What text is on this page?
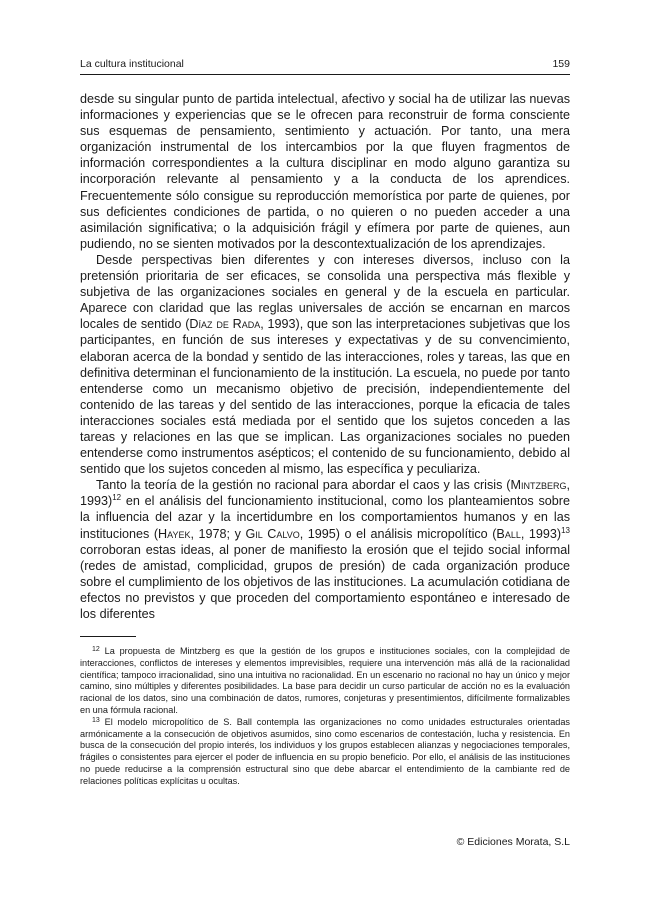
La cultura institucional	159

desde su singular punto de partida intelectual, afectivo y social ha de utilizar las nuevas informaciones y experiencias que se le ofrecen para reconstruir de forma consciente sus esquemas de pensamiento, sentimiento y actuación. Por tanto, una mera organización instrumental de los intercambios por la que fluyen fragmentos de información correspondientes a la cultura disciplinar en modo alguno garantiza su incorporación relevante al pensamiento y a la conducta de los aprendices. Frecuentemente sólo consigue su reproducción memorística por parte de quienes, por sus deficientes condiciones de partida, o no quieren o no pueden acceder a una asimilación significativa; o la adquisición frágil y efímera por parte de quienes, aun pudiendo, no se sienten motivados por la descontextualización de los aprendizajes.

Desde perspectivas bien diferentes y con intereses diversos, incluso con la pretensión prioritaria de ser eficaces, se consolida una perspectiva más flexible y subjetiva de las organizaciones sociales en general y de la escuela en particular. Aparece con claridad que las reglas universales de acción se encarnan en marcos locales de sentido (Díaz de Rada, 1993), que son las interpretaciones subjetivas que los participantes, en función de sus intereses y expectativas y de su convencimiento, elaboran acerca de la bondad y sentido de las interacciones, roles y tareas, las que en definitiva determinan el funcionamiento de la institución. La escuela, no puede por tanto entenderse como un mecanismo objetivo de precisión, independientemente del contenido de las tareas y del sentido de las interacciones, porque la eficacia de tales interacciones sociales está mediada por el sentido que los sujetos conceden a las tareas y relaciones en las que se implican. Las organizaciones sociales no pueden entenderse como instrumentos asépticos; el contenido de su funcionamiento, debido al sentido que los sujetos conceden al mismo, las específica y peculiariza.

Tanto la teoría de la gestión no racional para abordar el caos y las crisis (Mintzberg, 1993)$^{12}$ en el análisis del funcionamiento institucional, como los planteamientos sobre la influencia del azar y la incertidumbre en los comportamientos humanos y en las instituciones (Hayek, 1978; y Gil Calvo, 1995) o el análisis micropolítico (Ball, 1993)$^{13}$ corroboran estas ideas, al poner de manifiesto la erosión que el tejido social informal (redes de amistad, complicidad, grupos de presión) de cada organización produce sobre el cumplimiento de los objetivos de las instituciones. La acumulación cotidiana de efectos no previstos y que proceden del comportamiento espontáneo e interesado de los diferentes

$^{12}$ La propuesta de Mintzberg es que la gestión de los grupos e instituciones sociales, con la complejidad de interacciones, conflictos de intereses y elementos imprevisibles, requiere una intervención más allá de la racionalidad científica; tampoco irracionalidad, sino una intuitiva no racionalidad. En un escenario no racional no hay un único y mejor camino, sino múltiples y diferentes posibilidades. La base para decidir un curso particular de acción no es la evaluación racional de los datos, sino una combinación de datos, rumores, conjeturas y presentimientos, difícilmente formalizables en una fórmula racional.

$^{13}$ El modelo micropolítico de S. Ball contempla las organizaciones no como unidades estructurales orientadas armónicamente a la consecución de objetivos asumidos, sino como escenarios de contestación, lucha y resistencia. En busca de la consecución del propio interés, los individuos y los grupos establecen alianzas y negociaciones temporales, frágiles o consistentes para ejercer el poder de influencia en su propio beneficio. Por ello, el análisis de las instituciones no puede reducirse a la comprensión estructural sino que debe abarcar el entendimiento de la cambiante red de relaciones políticas explícitas u ocultas.

© Ediciones Morata, S.L
